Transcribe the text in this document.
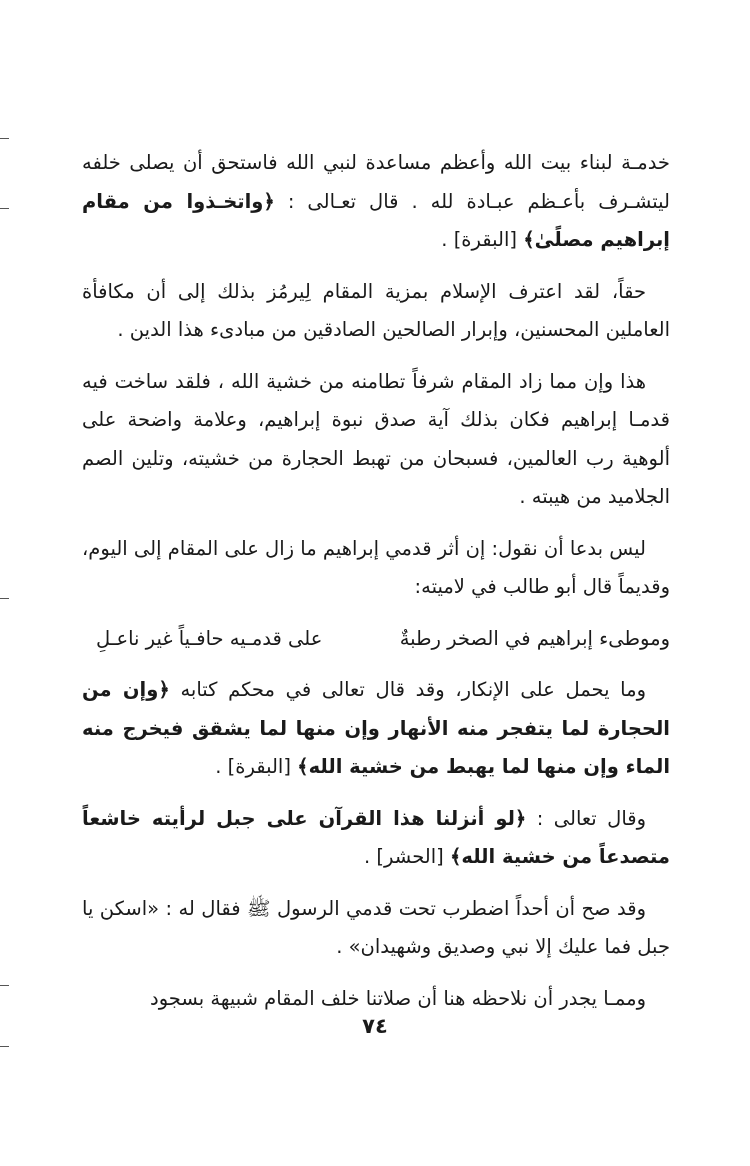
خدمـة لبناء بيت الله وأعظم مساعدة لنبي الله فاستحق أن يصلى خلفه ليتشـرف بأعـظم عبـادة لله . قال تعـالى : ﴿واتخـذوا من مقام إبراهيم مصلًىٰ﴾ [البقرة] .

حقاً، لقد اعترف الإسلام بمزية المقام لِيرمُز بذلك إلى أن مكافأة العاملين المحسنين، وإبرار الصالحين الصادقين من مبادىء هذا الدين .

هذا وإن مما زاد المقام شرفاً تطامنه من خشية الله ، فلقد ساخت فيه قدمـا إبراهيم فكان بذلك آية صدق نبوة إبراهيم، وعلامة واضحة على ألوهية رب العالمين، فسبحان من تهبط الحجارة من خشيته، وتلين الصم الجلاميد من هيبته .

ليس بدعا أن نقول: إن أثر قدمي إبراهيم ما زال على المقام إلى اليوم، وقديماً قال أبو طالب في لاميته:

وموطىء إبراهيم في الصخر رطبةٌ
على قدمـيه حافـياً غير ناعـلِ

وما يحمل على الإنكار، وقد قال تعالى في محكم كتابه ﴿وإن من الحجارة لما يتفجر منه الأنهار وإن منها لما يشقق فيخرج منه الماء وإن منها لما يهبط من خشية الله﴾ [البقرة] .

وقال تعالى : ﴿لو أنزلنا هذا القرآن على جبل لرأيته خاشعاً متصدعاً من خشية الله﴾ [الحشر] .

وقد صح أن أحداً اضطرب تحت قدمي الرسول ﷺ فقال له : «اسكن يا جبل فما عليك إلا نبي وصديق وشهيدان» .

وممـا يجدر أن نلاحظه هنا أن صلاتنا خلف المقام شبيهة بسجود

٧٤
